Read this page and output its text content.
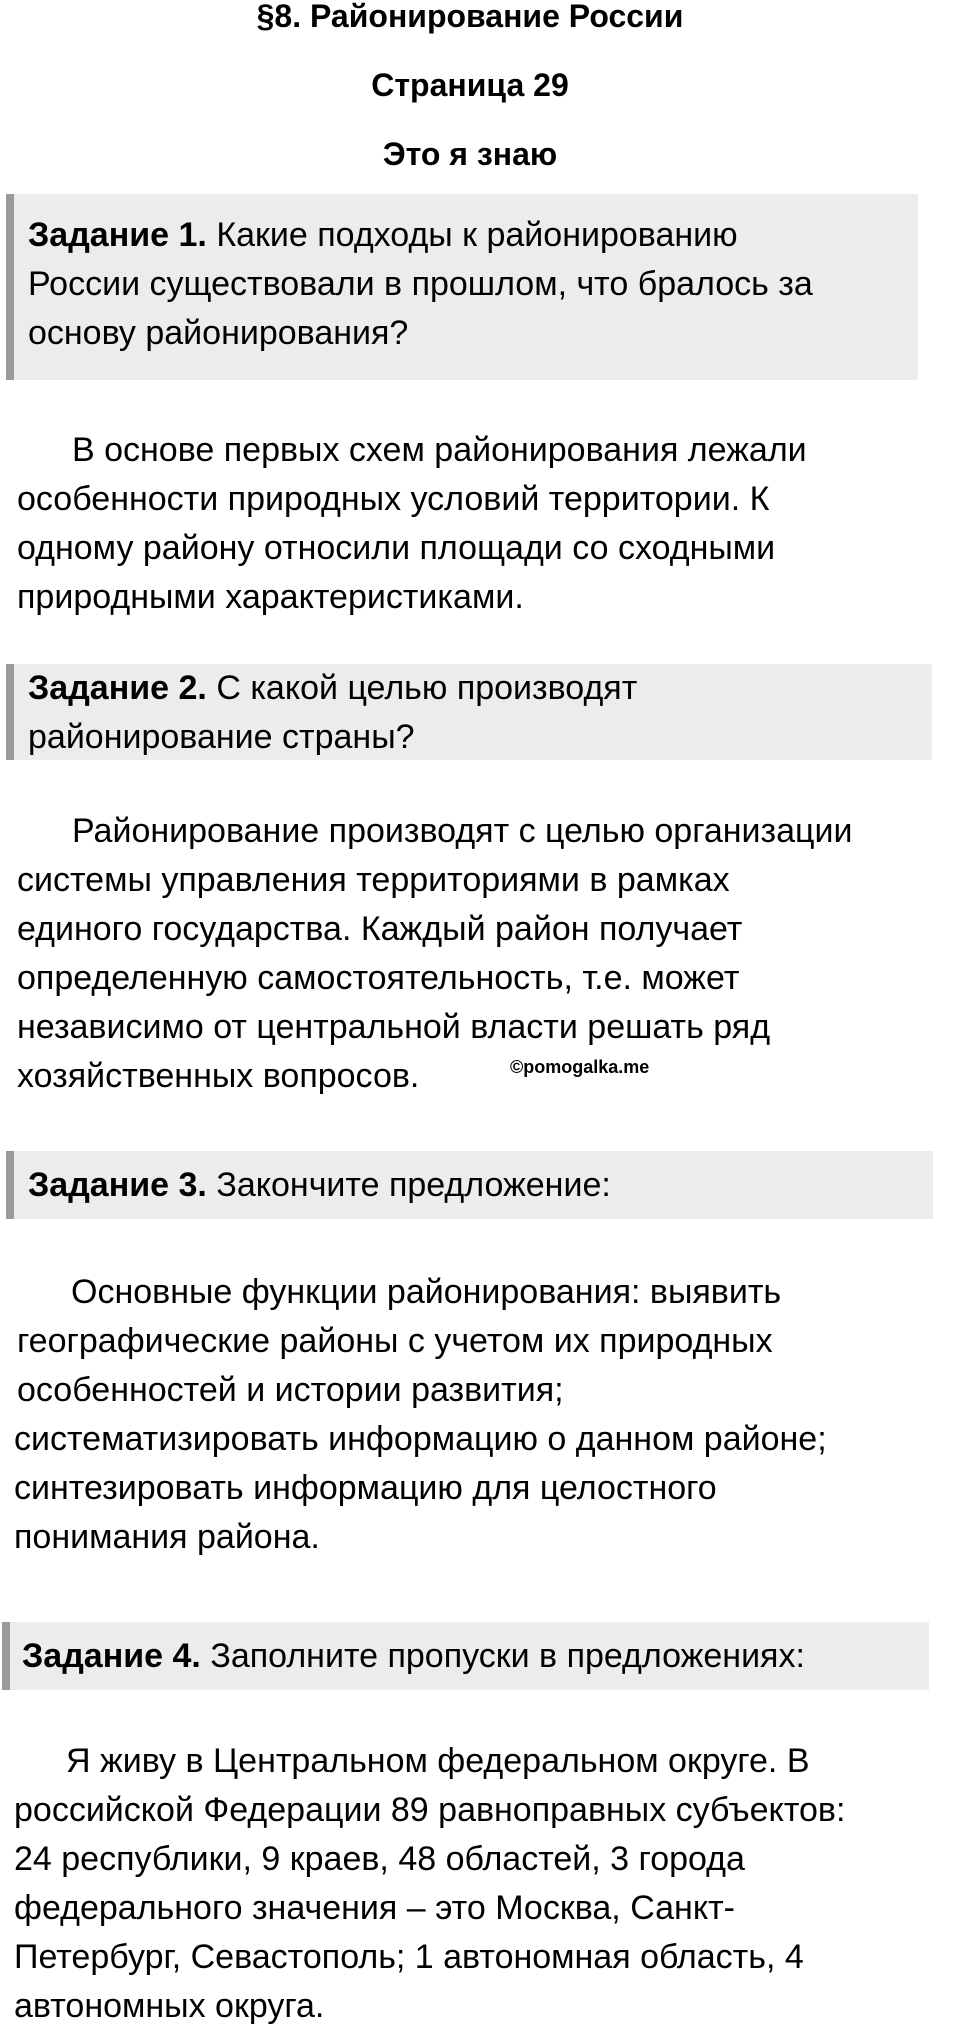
§8. Районирование России
Страница 29
Это я знаю
Задание 1. Какие подходы к районированию
России существовали в прошлом, что бралось за
основу районирования?
В основе первых схем районирования лежали
особенности природных условий территории. К
одному району относили площади со сходными
природными характеристиками.
Задание 2. С какой целью производят
районирование страны?
Районирование производят с целью организации
системы управления территориями в рамках
единого государства. Каждый район получает
определенную самостоятельность, т.е. может
независимо от центральной власти решать ряд
хозяйственных вопросов.	©pomogalka.me
Задание 3. Закончите предложение:
Основные функции районирования: выявить
географические районы с учетом их природных
особенностей и истории развития;
систематизировать информацию о данном районе;
синтезировать информацию для целостного
понимания района.
Задание 4. Заполните пропуски в предложениях:
Я живу в Центральном федеральном округе. В
российской Федерации 89 равноправных субъектов:
24 республики, 9 краев, 48 областей, 3 города
федерального значения – это Москва, Санкт-
Петербург, Севастополь; 1 автономная область, 4
автономных округа.
